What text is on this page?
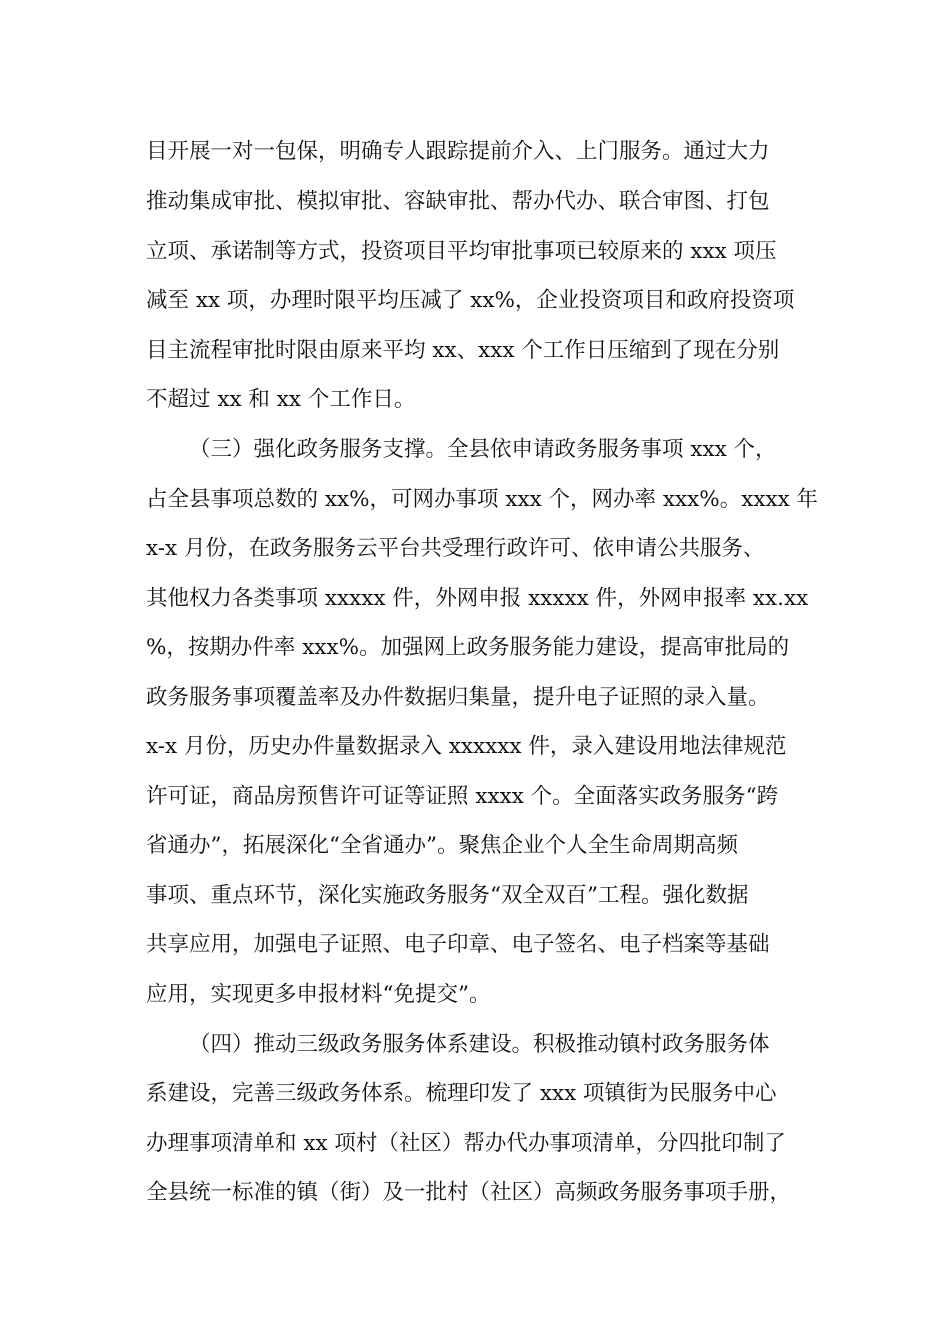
目开展一对一包保，明确专人跟踪提前介入、上门服务。通过大力
推动集成审批、模拟审批、容缺审批、帮办代办、联合审图、打包
立项、承诺制等方式，投资项目平均审批事项已较原来的 xxx 项压
减至 xx 项，办理时限平均压减了 xx%，企业投资项目和政府投资项
目主流程审批时限由原来平均 xx、xxx 个工作日压缩到了现在分别
不超过 xx 和 xx 个工作日。
（三）强化政务服务支撑。全县依申请政务服务事项 xxx 个，
占全县事项总数的 xx%，可网办事项 xxx 个，网办率 xxx%。xxxx 年
x-x 月份，在政务服务云平台共受理行政许可、依申请公共服务、
其他权力各类事项 xxxxx 件，外网申报 xxxxx 件，外网申报率 xx.xx
%，按期办件率 xxx%。加强网上政务服务能力建设，提高审批局的
政务服务事项覆盖率及办件数据归集量，提升电子证照的录入量。
x-x 月份，历史办件量数据录入 xxxxxx 件，录入建设用地法律规范
许可证，商品房预售许可证等证照 xxxx 个。全面落实政务服务“跨
省通办”，拓展深化“全省通办”。聚焦企业个人全生命周期高频
事项、重点环节，深化实施政务服务“双全双百”工程。强化数据
共享应用，加强电子证照、电子印章、电子签名、电子档案等基础
应用，实现更多申报材料“免提交”。
（四）推动三级政务服务体系建设。积极推动镇村政务服务体
系建设，完善三级政务体系。梳理印发了 xxx 项镇街为民服务中心
办理事项清单和 xx 项村（社区）帮办代办事项清单，分四批印制了
全县统一标准的镇（街）及一批村（社区）高频政务服务事项手册，
